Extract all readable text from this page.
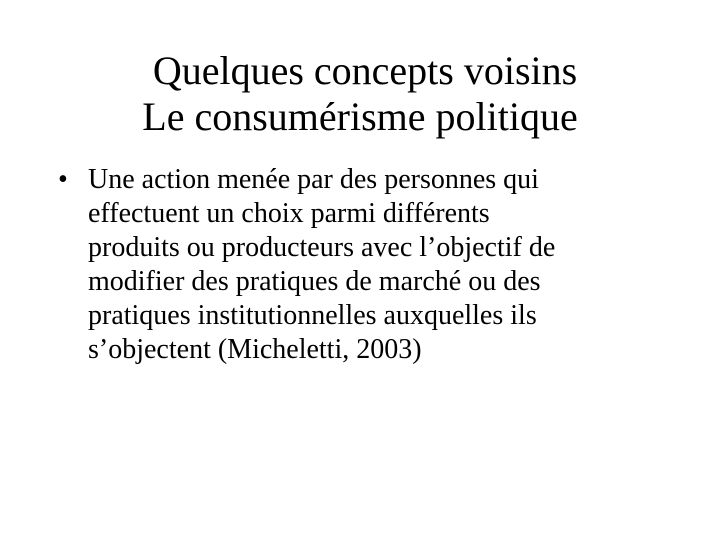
Quelques concepts voisins
Le consumérisme politique
• Une action menée par des personnes qui
effectuent un choix parmi différents
produits ou producteurs avec l’objectif de
modifier des pratiques de marché ou des
pratiques institutionnelles auxquelles ils
s’objectent (Micheletti, 2003)
